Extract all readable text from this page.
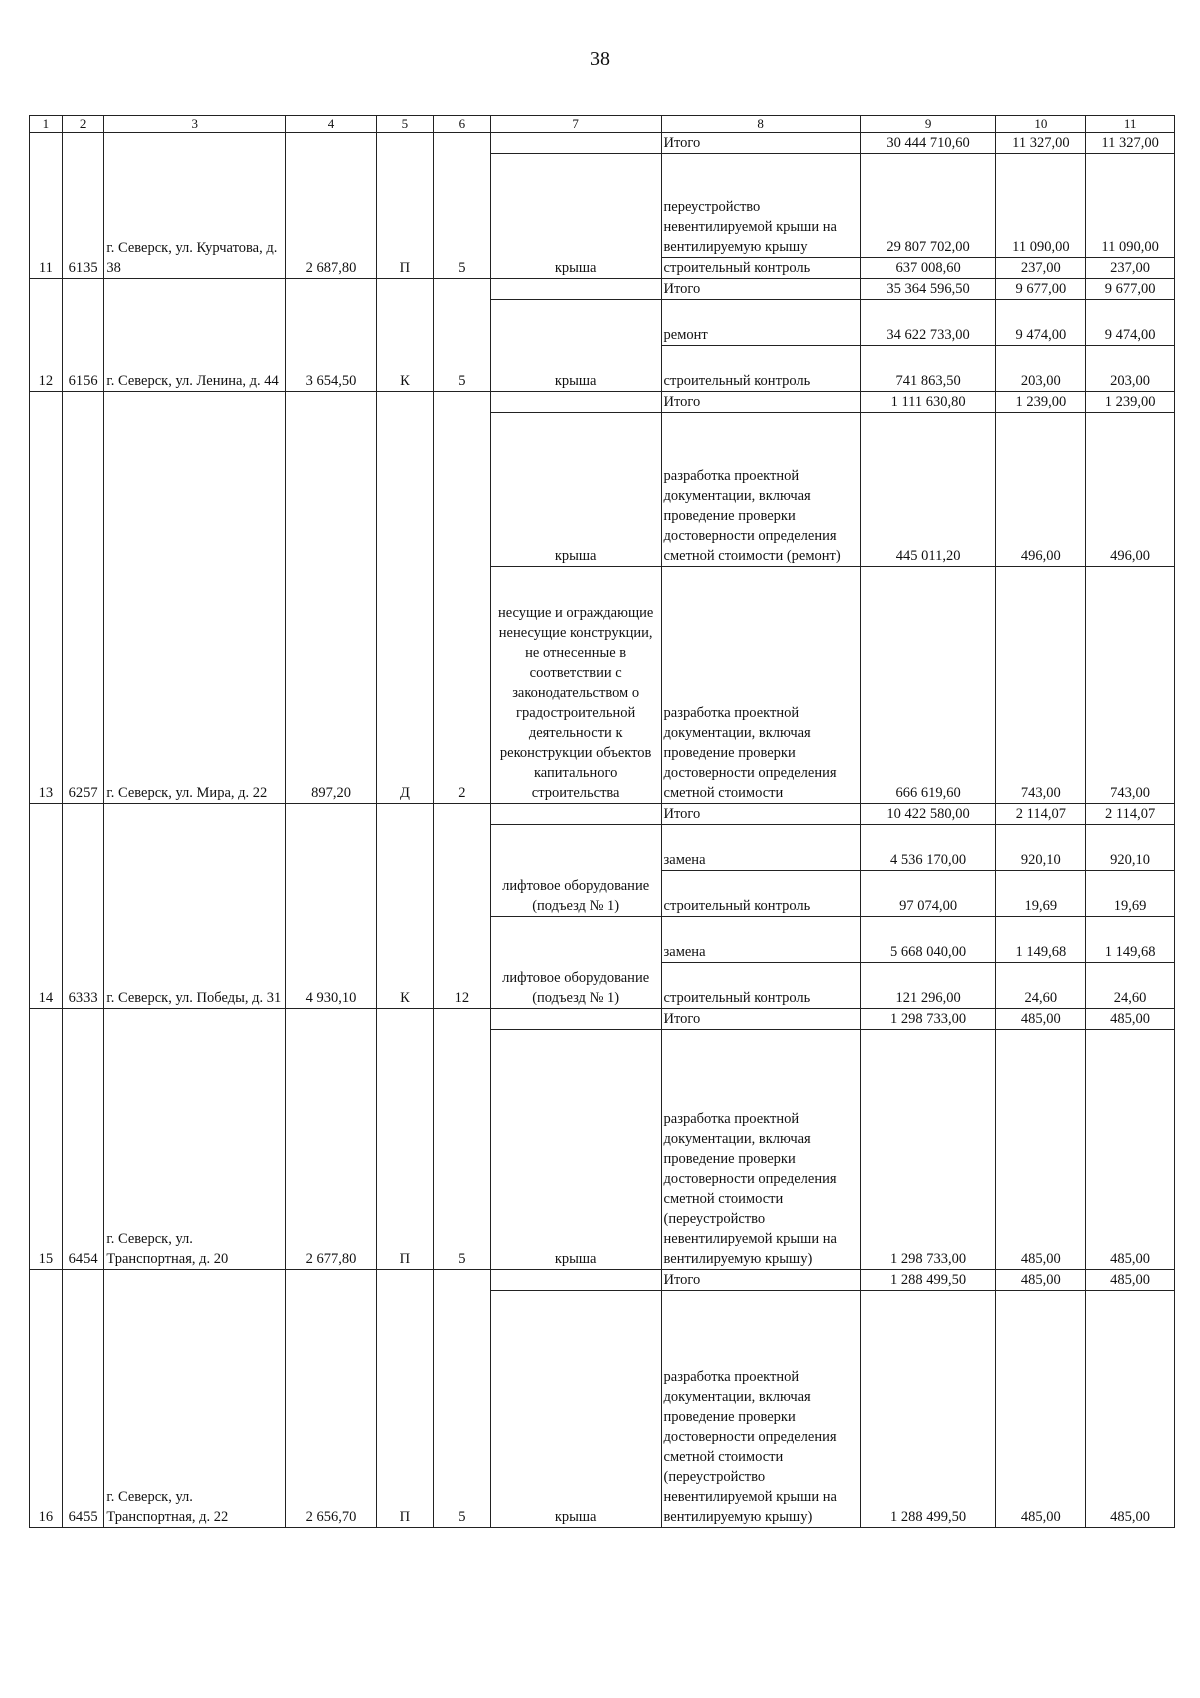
38
1	2	3	4	5	6	7	8	9	10	11
11	6135	г. Северск, ул. Курчатова, д. 38	2 687,80	П	5		Итого	30 444 710,60	11 327,00	11 327,00
						крыша	переустройство невентилируемой крыши на вентилируемую крышу	29 807 702,00	11 090,00	11 090,00
							строительный контроль	637 008,60	237,00	237,00
12	6156	г. Северск, ул. Ленина, д. 44	3 654,50	К	5		Итого	35 364 596,50	9 677,00	9 677,00
						крыша	ремонт	34 622 733,00	9 474,00	9 474,00
							строительный контроль	741 863,50	203,00	203,00
13	6257	г. Северск, ул. Мира, д. 22	897,20	Д	2		Итого	1 111 630,80	1 239,00	1 239,00
						крыша	разработка проектной документации, включая проведение проверки достоверности определения сметной стоимости (ремонт)	445 011,20	496,00	496,00
						несущие и ограждающие ненесущие конструкции, не отнесенные в соответствии с законодательством о градостроительной деятельности к реконструкции объектов капитального строительства	разработка проектной документации, включая проведение проверки достоверности определения сметной стоимости	666 619,60	743,00	743,00
14	6333	г. Северск, ул. Победы, д. 31	4 930,10	К	12		Итого	10 422 580,00	2 114,07	2 114,07
						лифтовое оборудование (подъезд № 1)	замена	4 536 170,00	920,10	920,10
							строительный контроль	97 074,00	19,69	19,69
						лифтовое оборудование (подъезд № 1)	замена	5 668 040,00	1 149,68	1 149,68
							строительный контроль	121 296,00	24,60	24,60
15	6454	г. Северск, ул. Транспортная, д. 20	2 677,80	П	5		Итого	1 298 733,00	485,00	485,00
						крыша	разработка проектной документации, включая проведение проверки достоверности определения сметной стоимости (переустройство невентилируемой крыши на вентилируемую крышу)	1 298 733,00	485,00	485,00
16	6455	г. Северск, ул. Транспортная, д. 22	2 656,70	П	5		Итого	1 288 499,50	485,00	485,00
						крыша	разработка проектной документации, включая проведение проверки достоверности определения сметной стоимости (переустройство невентилируемой крыши на вентилируемую крышу)	1 288 499,50	485,00	485,00
